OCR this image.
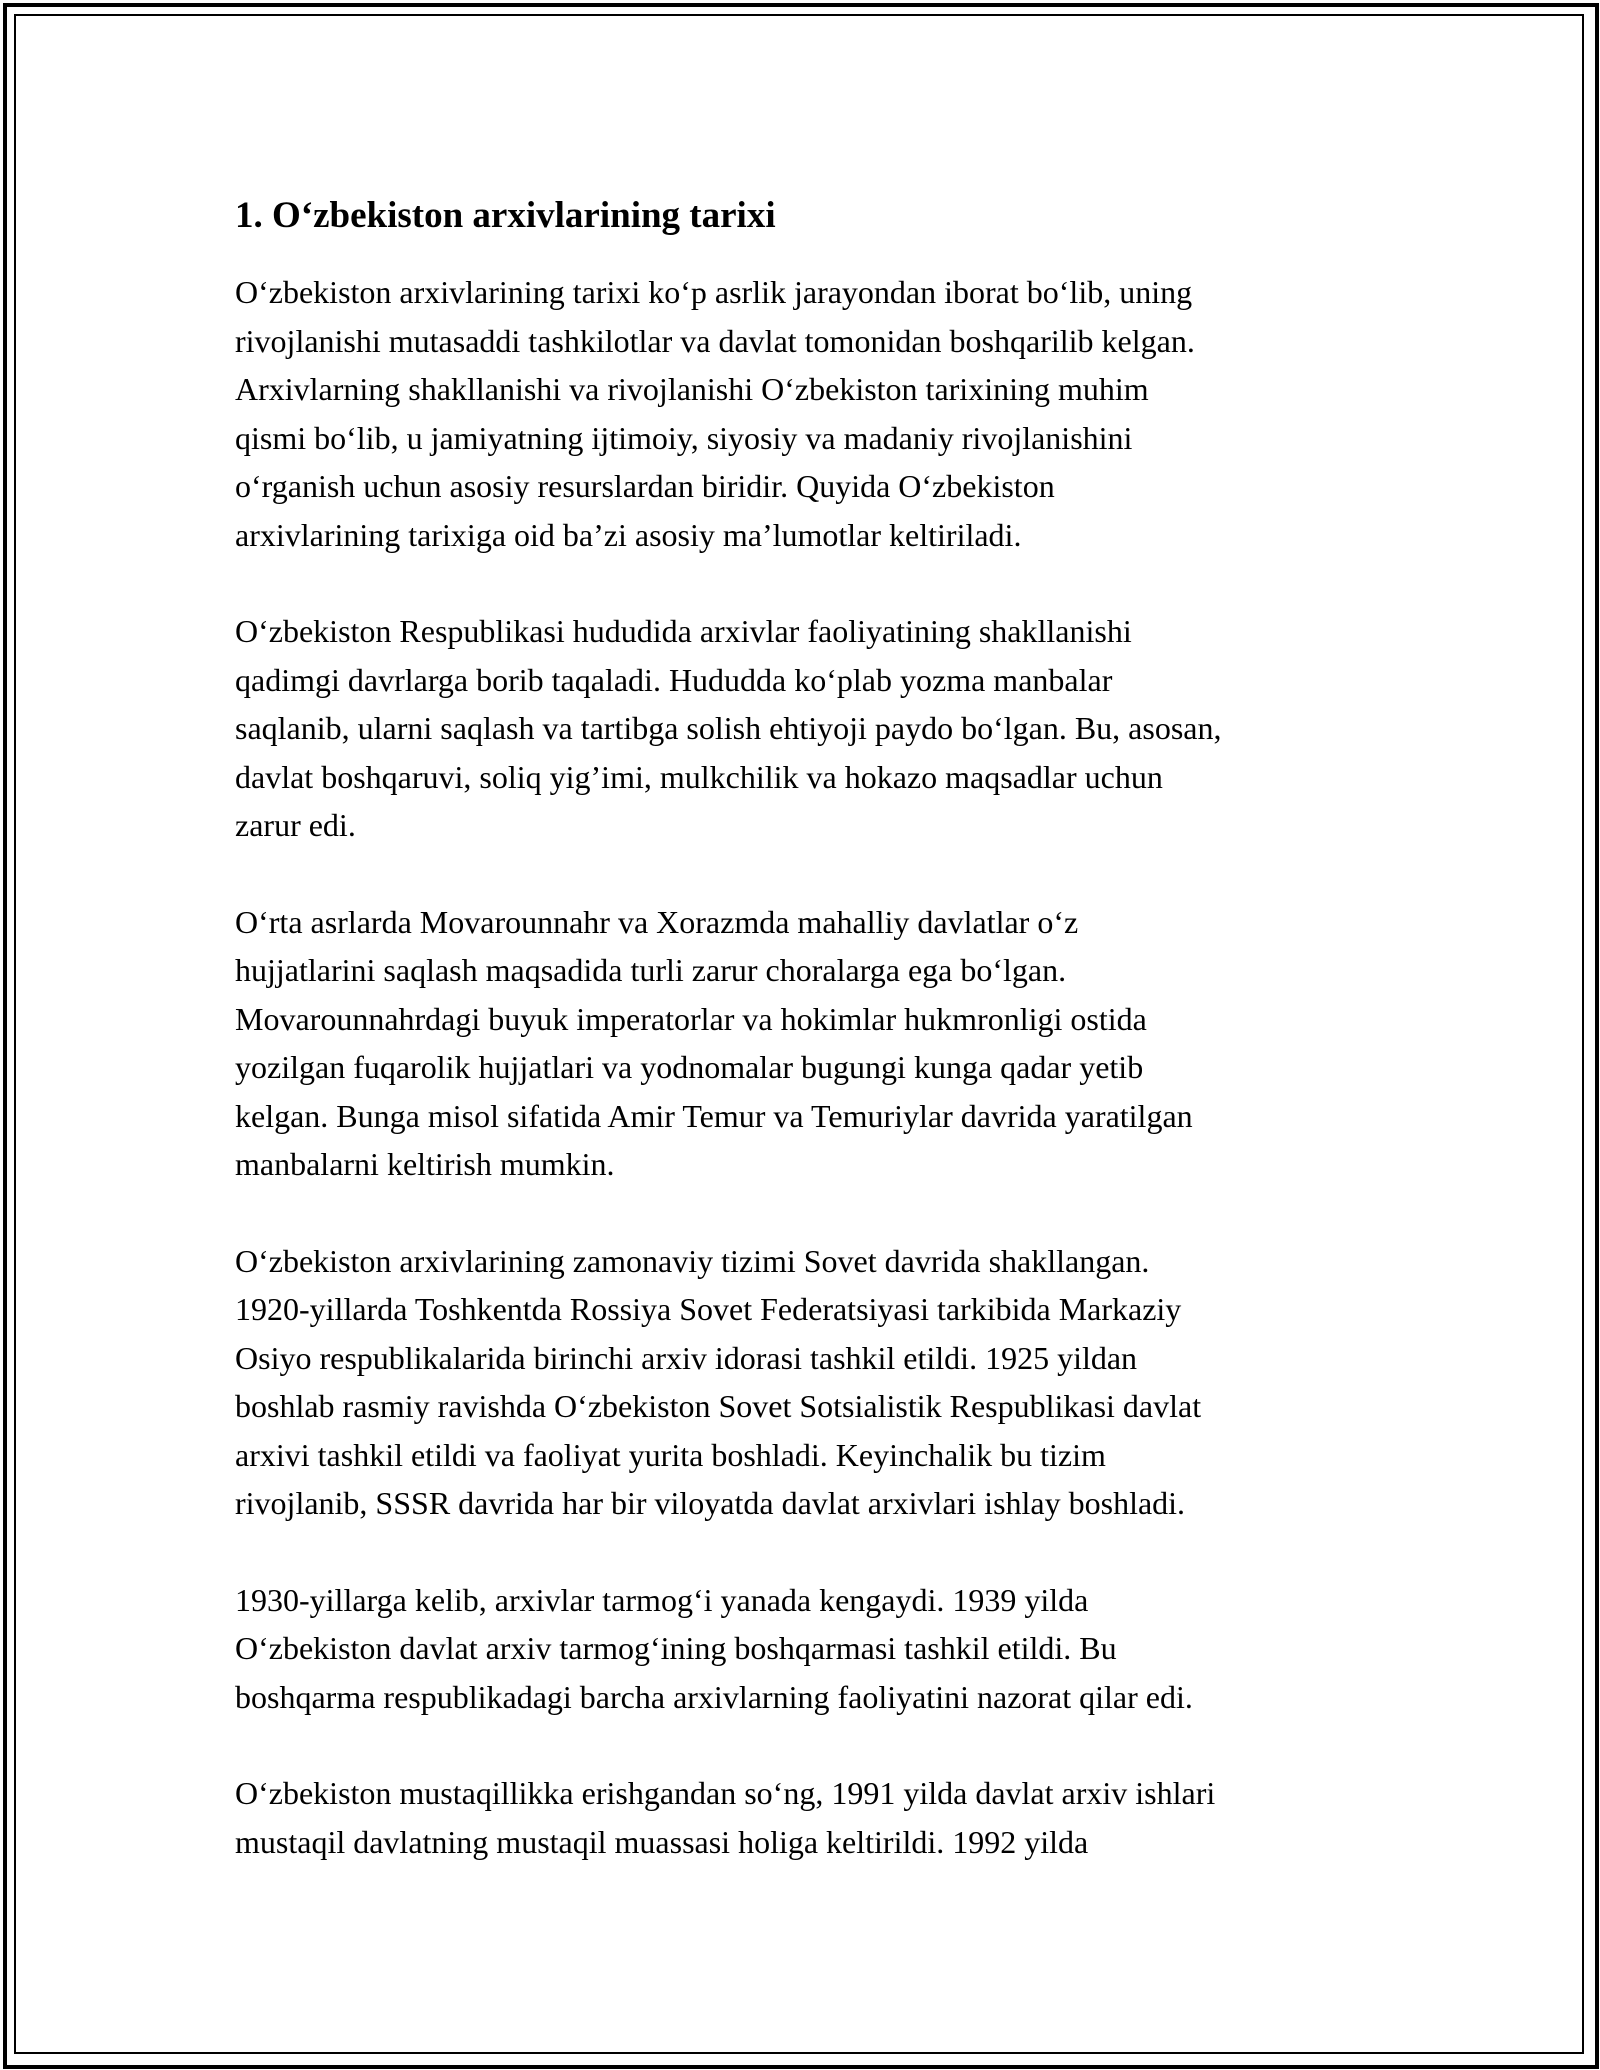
1. O‘zbekiston arxivlarining tarixi

O‘zbekiston arxivlarining tarixi ko‘p asrlik jarayondan iborat bo‘lib, uning
rivojlanishi mutasaddi tashkilotlar va davlat tomonidan boshqarilib kelgan.
Arxivlarning shakllanishi va rivojlanishi O‘zbekiston tarixining muhim
qismi bo‘lib, u jamiyatning ijtimoiy, siyosiy va madaniy rivojlanishini
o‘rganish uchun asosiy resurslardan biridir. Quyida O‘zbekiston
arxivlarining tarixiga oid ba’zi asosiy ma’lumotlar keltiriladi.

O‘zbekiston Respublikasi hududida arxivlar faoliyatining shakllanishi
qadimgi davrlarga borib taqaladi. Hududda ko‘plab yozma manbalar
saqlanib, ularni saqlash va tartibga solish ehtiyoji paydo bo‘lgan. Bu, asosan,
davlat boshqaruvi, soliq yig’imi, mulkchilik va hokazo maqsadlar uchun
zarur edi.

O‘rta asrlarda Movarounnahr va Xorazmda mahalliy davlatlar o‘z
hujjatlarini saqlash maqsadida turli zarur choralarga ega bo‘lgan.
Movarounnahrdagi buyuk imperatorlar va hokimlar hukmronligi ostida
yozilgan fuqarolik hujjatlari va yodnomalar bugungi kunga qadar yetib
kelgan. Bunga misol sifatida Amir Temur va Temuriylar davrida yaratilgan
manbalarni keltirish mumkin.

O‘zbekiston arxivlarining zamonaviy tizimi Sovet davrida shakllangan.
1920-yillarda Toshkentda Rossiya Sovet Federatsiyasi tarkibida Markaziy
Osiyo respublikalarida birinchi arxiv idorasi tashkil etildi. 1925 yildan
boshlab rasmiy ravishda O‘zbekiston Sovet Sotsialistik Respublikasi davlat
arxivi tashkil etildi va faoliyat yurita boshladi. Keyinchalik bu tizim
rivojlanib, SSSR davrida har bir viloyatda davlat arxivlari ishlay boshladi.

1930-yillarga kelib, arxivlar tarmog‘i yanada kengaydi. 1939 yilda
O‘zbekiston davlat arxiv tarmog‘ining boshqarmasi tashkil etildi. Bu
boshqarma respublikadagi barcha arxivlarning faoliyatini nazorat qilar edi.

O‘zbekiston mustaqillikka erishgandan so‘ng, 1991 yilda davlat arxiv ishlari
mustaqil davlatning mustaqil muassasi holiga keltirildi. 1992 yilda
